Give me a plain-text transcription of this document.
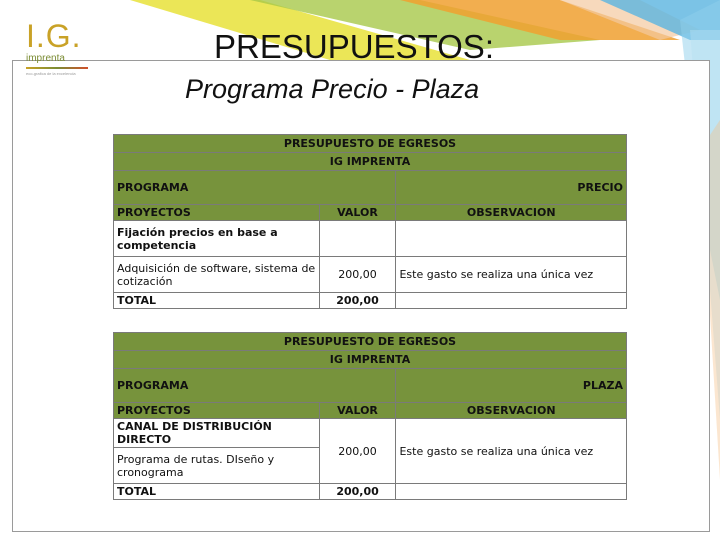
I.G.
imprenta
eco-grafica de la excelencia
PRESUPUESTOS:
Programa Precio - Plaza
PRESUPUESTO DE EGRESOS		
IG IMPRENTA		
PROGRAMA		PRECIO
PROYECTOS	VALOR	OBSERVACION
Fijación precios en base a competencia		
Adquisición de software, sistema de cotización	200,00	Este gasto se realiza una única vez
TOTAL	200,00	
PRESUPUESTO DE EGRESOS		
IG IMPRENTA		
PROGRAMA		PLAZA
PROYECTOS	VALOR	OBSERVACION
CANAL DE DISTRIBUCIÓN DIRECTO	200,00	Este gasto se realiza una única vez
Programa de rutas. DIseño y cronograma		
TOTAL	200,00	
